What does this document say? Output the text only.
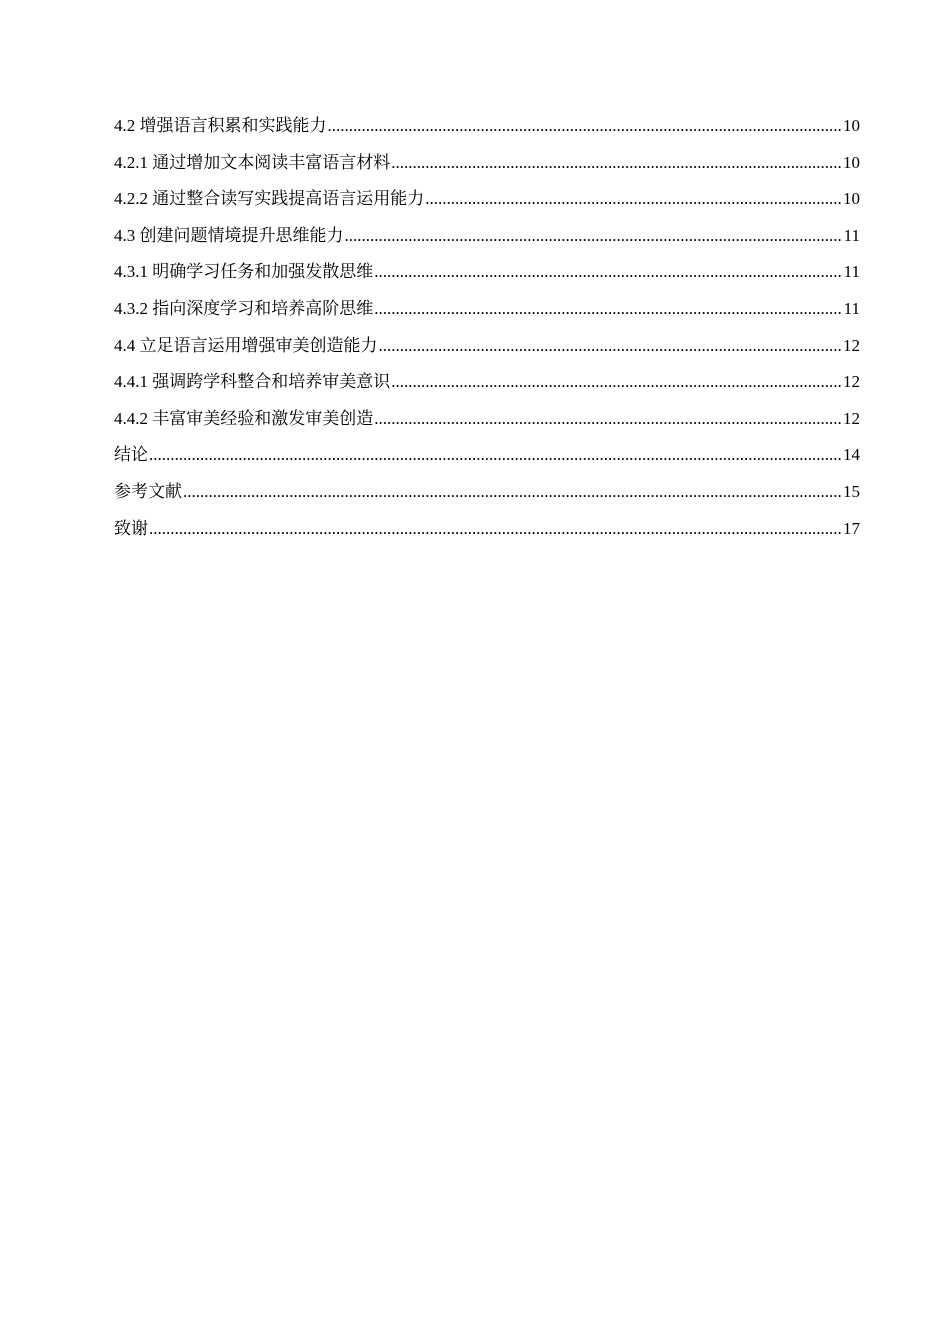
4.2 增强语言积累和实践能力 .....	10
4.2.1 通过增加文本阅读丰富语言材料 .....	10
4.2.2 通过整合读写实践提高语言运用能力 .....	10
4.3 创建问题情境提升思维能力 .....	11
4.3.1 明确学习任务和加强发散思维 .....	11
4.3.2 指向深度学习和培养高阶思维 .....	11
4.4 立足语言运用增强审美创造能力 .....	12
4.4.1 强调跨学科整合和培养审美意识 .....	12
4.4.2 丰富审美经验和激发审美创造 .....	12
结论 .....	14
参考文献 .....	15
致谢 .....	17
